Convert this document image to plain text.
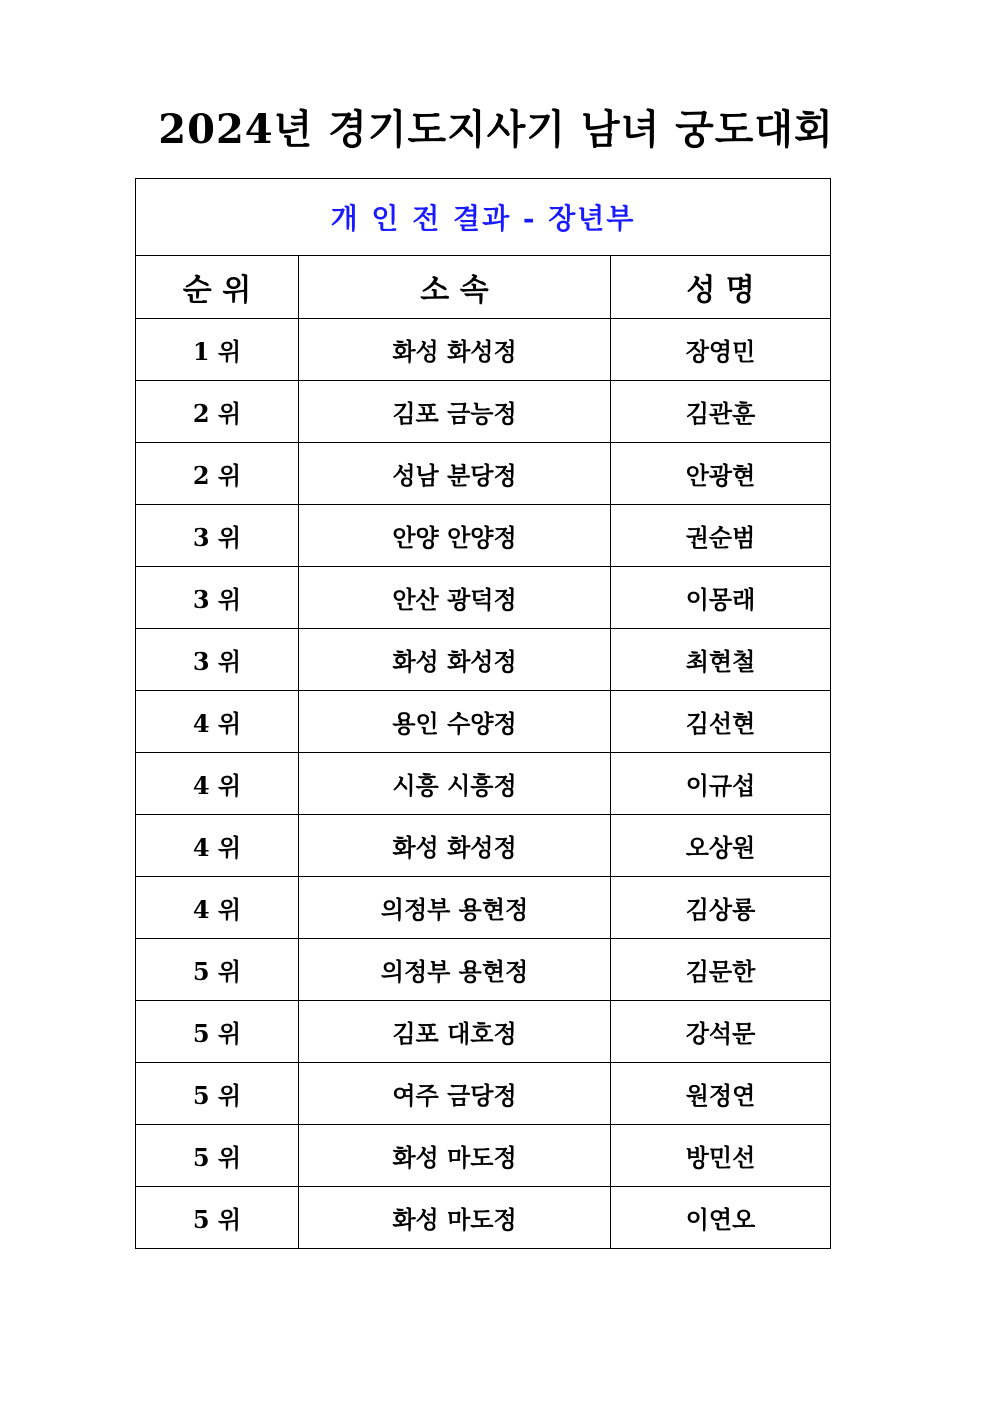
2024년 경기도지사기 남녀 궁도대회
개 인 전 결과 - 장년부		
순 위	소 속	성 명
1 위	화성 화성정	장영민
2 위	김포 금능정	김관훈
2 위	성남 분당정	안광현
3 위	안양 안양정	권순범
3 위	안산 광덕정	이몽래
3 위	화성 화성정	최현철
4 위	용인 수양정	김선현
4 위	시흥 시흥정	이규섭
4 위	화성 화성정	오상원
4 위	의정부 용현정	김상룡
5 위	의정부 용현정	김문한
5 위	김포 대호정	강석문
5 위	여주 금당정	원정연
5 위	화성 마도정	방민선
5 위	화성 마도정	이연오
